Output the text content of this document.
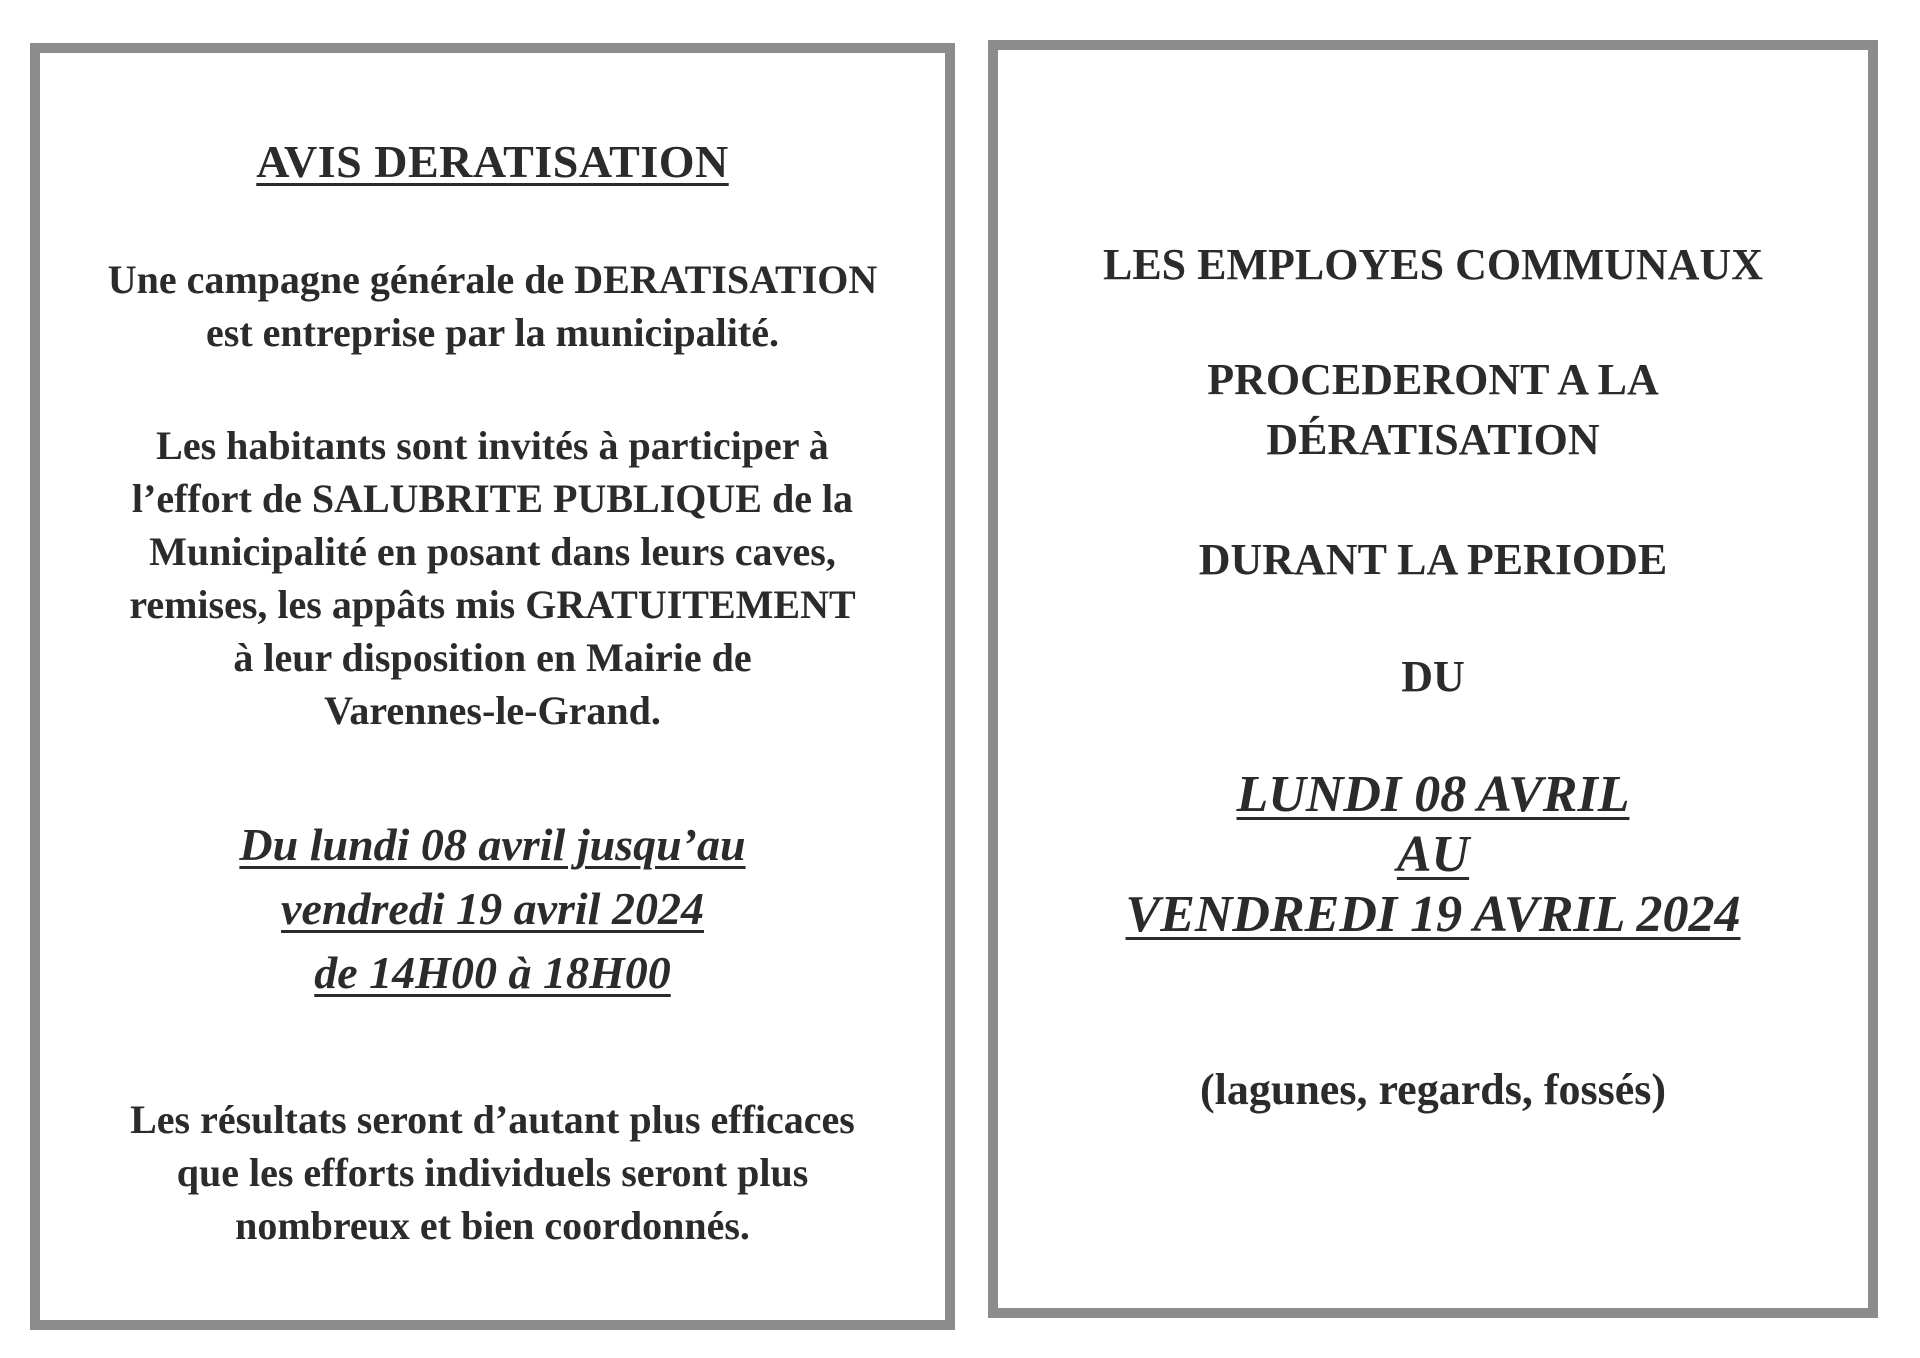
AVIS DERATISATION
Une campagne générale de DERATISATION
est entreprise par la municipalité.
Les habitants sont invités à participer à
l’effort de SALUBRITE PUBLIQUE de la
Municipalité en posant dans leurs caves,
remises, les appâts mis GRATUITEMENT
à leur disposition en Mairie de
Varennes-le-Grand.
Du lundi 08 avril jusqu’au
vendredi 19 avril 2024
de 14H00 à 18H00
Les résultats seront d’autant plus efficaces
que les efforts individuels seront plus
nombreux et bien coordonnés.
LES EMPLOYES COMMUNAUX
PROCEDERONT A LA
DÉRATISATION
DURANT LA PERIODE
DU
LUNDI 08 AVRIL
AU
VENDREDI 19 AVRIL 2024
(lagunes, regards, fossés)
